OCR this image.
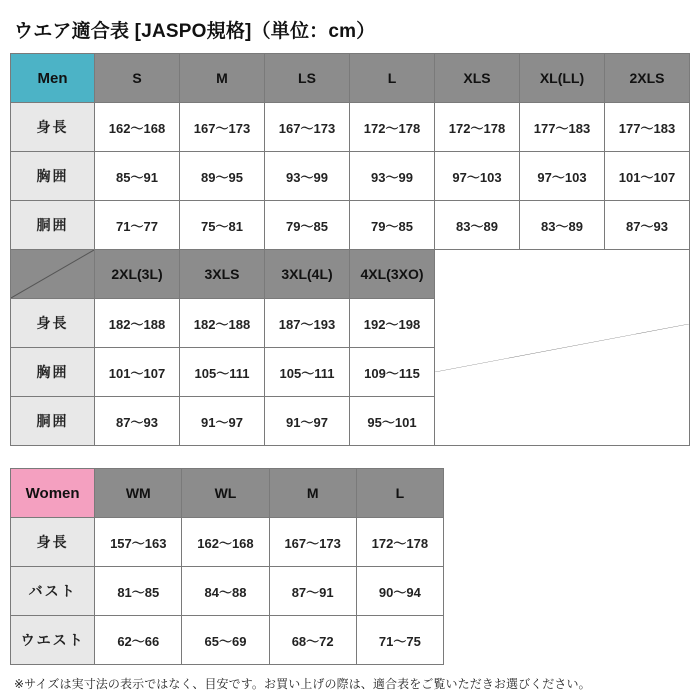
ウエア適合表 [JASPO規格]（単位：cm）
Men	S	M	LS	L	XLS	XL(LL)	2XLS
身長	162〜168	167〜173	167〜173	172〜178	172〜178	177〜183	177〜183
胸囲	85〜91	89〜95	93〜99	93〜99	97〜103	97〜103	101〜107
胴囲	71〜77	75〜81	79〜85	79〜85	83〜89	83〜89	87〜93

	2XL(3L)	3XLS	3XL(4L)	4XL(3XO)	

身長	182〜188	182〜188	187〜193	192〜198			
胸囲	101〜107	105〜111	105〜111	109〜115			
胴囲	87〜93	91〜97	91〜97	95〜101			
Women	WM	WL	M	L
身長	157〜163	162〜168	167〜173	172〜178
バスト	81〜85	84〜88	87〜91	90〜94
ウエスト	62〜66	65〜69	68〜72	71〜75
※サイズは実寸法の表示ではなく、目安です。お買い上げの際は、適合表をご覧いただきお選びください。
